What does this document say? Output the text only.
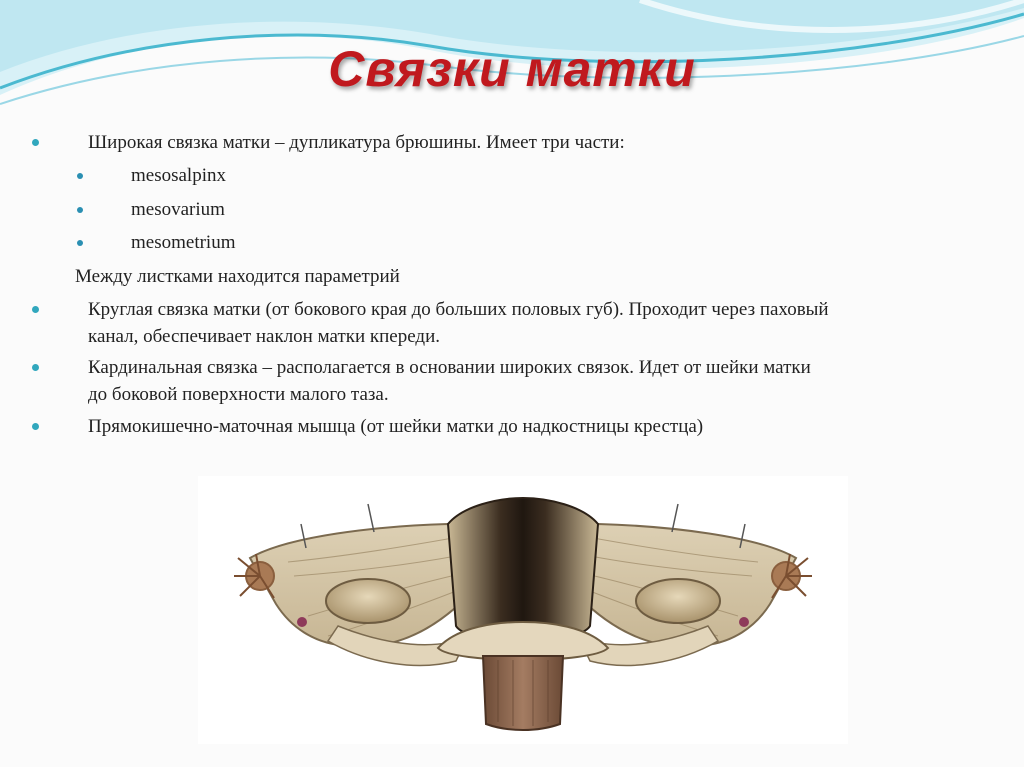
Связки матки
Широкая связка матки – дупликатура брюшины. Имеет три части:
mesosalpinx
mesovarium
mesometrium
Между листками находится параметрий
Круглая связка матки (от бокового края до больших половых губ). Проходит через паховый
канал, обеспечивает наклон матки кпереди.
Кардинальная связка – располагается в основании широких связок. Идет от шейки матки
до боковой поверхности малого таза.
Прямокишечно-маточная мышца (от шейки матки до надкостницы крестца)
